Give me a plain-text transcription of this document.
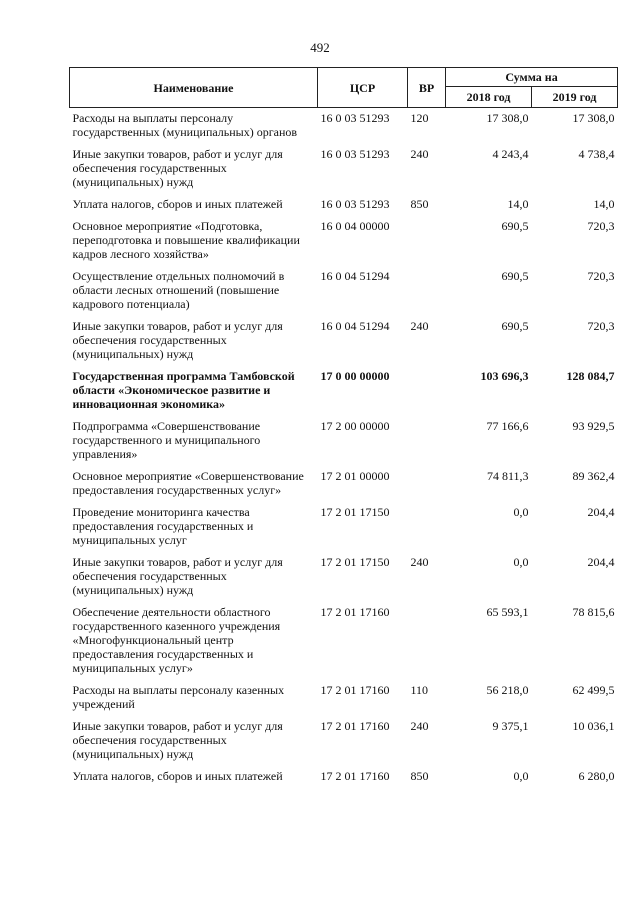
492
Наименование	ЦСР	ВР	Сумма на	
			2018 год	2019 год
Расходы на выплаты персоналу государственных (муниципальных) органов	16 0 03 51293	120	17 308,0	17 308,0
Иные закупки товаров, работ и услуг для обеспечения государственных (муниципальных) нужд	16 0 03 51293	240	4 243,4	4 738,4
Уплата налогов, сборов и иных платежей	16 0 03 51293	850	14,0	14,0
Основное мероприятие «Подготовка, переподготовка и повышение квалификации кадров лесного хозяйства»	16 0 04 00000		690,5	720,3
Осуществление отдельных полномочий в области лесных отношений (повышение кадрового потенциала)	16 0 04 51294		690,5	720,3
Иные закупки товаров, работ и услуг для обеспечения государственных (муниципальных) нужд	16 0 04 51294	240	690,5	720,3
Государственная программа Тамбовской области «Экономическое развитие и инновационная экономика»	17 0 00 00000		103 696,3	128 084,7
Подпрограмма «Совершенствование государственного и муниципального управления»	17 2 00 00000		77 166,6	93 929,5
Основное мероприятие «Совершенствование предоставления государственных услуг»	17 2 01 00000		74 811,3	89 362,4
Проведение мониторинга качества предоставления государственных и муниципальных услуг	17 2 01 17150		0,0	204,4
Иные закупки товаров, работ и услуг для обеспечения государственных (муниципальных) нужд	17 2 01 17150	240	0,0	204,4
Обеспечение деятельности областного государственного казенного учреждения «Многофункциональный центр предоставления государственных и муниципальных услуг»	17 2 01 17160		65 593,1	78 815,6
Расходы на выплаты персоналу казенных учреждений	17 2 01 17160	110	56 218,0	62 499,5
Иные закупки товаров, работ и услуг для обеспечения государственных (муниципальных) нужд	17 2 01 17160	240	9 375,1	10 036,1
Уплата налогов, сборов и иных платежей	17 2 01 17160	850	0,0	6 280,0
